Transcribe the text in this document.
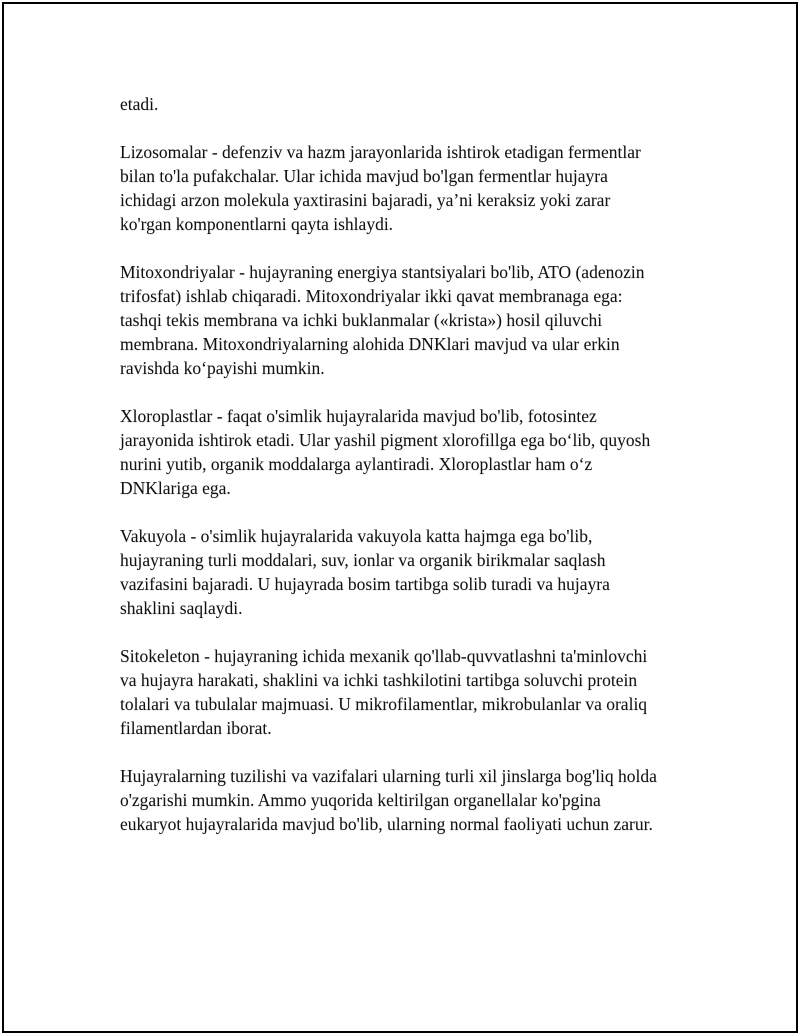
etadi.
Lizosomalar - defenziv va hazm jarayonlarida ishtirok etadigan fermentlar
bilan to'la pufakchalar. Ular ichida mavjud bo'lgan fermentlar hujayra
ichidagi arzon molekula yaxtirasini bajaradi, ya’ni keraksiz yoki zarar
ko'rgan komponentlarni qayta ishlaydi.
Mitoxondriyalar - hujayraning energiya stantsiyalari bo'lib, ATO (adenozin
trifosfat) ishlab chiqaradi. Mitoxondriyalar ikki qavat membranaga ega:
tashqi tekis membrana va ichki buklanmalar («krista») hosil qiluvchi
membrana. Mitoxondriyalarning alohida DNKlari mavjud va ular erkin
ravishda ko‘payishi mumkin.
Xloroplastlar - faqat o'simlik hujayralarida mavjud bo'lib, fotosintez
jarayonida ishtirok etadi. Ular yashil pigment xlorofillga ega bo‘lib, quyosh
nurini yutib, organik moddalarga aylantiradi. Xloroplastlar ham o‘z
DNKlariga ega.
Vakuyola - o'simlik hujayralarida vakuyola katta hajmga ega bo'lib,
hujayraning turli moddalari, suv, ionlar va organik birikmalar saqlash
vazifasini bajaradi. U hujayrada bosim tartibga solib turadi va hujayra
shaklini saqlaydi.
Sitokeleton - hujayraning ichida mexanik qo'llab-quvvatlashni ta'minlovchi
va hujayra harakati, shaklini va ichki tashkilotini tartibga soluvchi protein
tolalari va tubulalar majmuasi. U mikrofilamentlar, mikrobulanlar va oraliq
filamentlardan iborat.
Hujayralarning tuzilishi va vazifalari ularning turli xil jinslarga bog'liq holda
o'zgarishi mumkin. Ammo yuqorida keltirilgan organellalar ko'pgina
eukaryot hujayralarida mavjud bo'lib, ularning normal faoliyati uchun zarur.
